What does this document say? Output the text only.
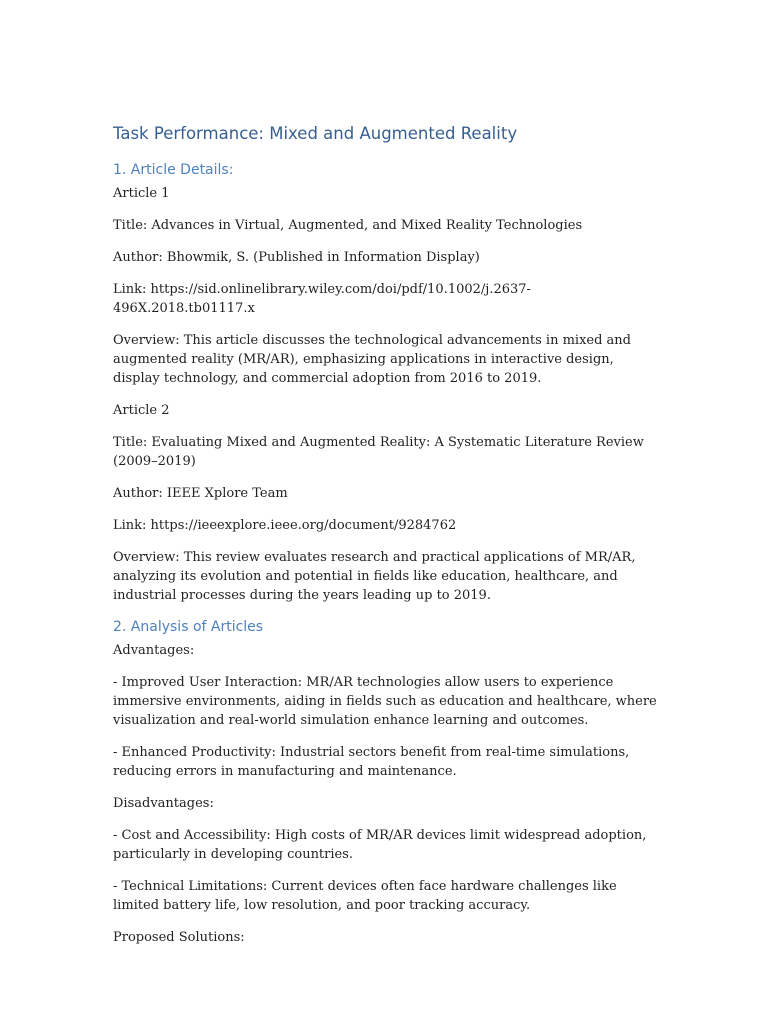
Task Performance: Mixed and Augmented Reality
1. Article Details:
Article 1
Title: Advances in Virtual, Augmented, and Mixed Reality Technologies
Author: Bhowmik, S. (Published in Information Display)
Link: https://sid.onlinelibrary.wiley.com/doi/pdf/10.1002/j.2637-496X.2018.tb01117.x
Overview: This article discusses the technological advancements in mixed and augmented reality (MR/AR), emphasizing applications in interactive design, display technology, and commercial adoption from 2016 to 2019.
Article 2
Title: Evaluating Mixed and Augmented Reality: A Systematic Literature Review (2009–2019)
Author: IEEE Xplore Team
Link: https://ieeexplore.ieee.org/document/9284762
Overview: This review evaluates research and practical applications of MR/AR, analyzing its evolution and potential in fields like education, healthcare, and industrial processes during the years leading up to 2019.
2. Analysis of Articles
Advantages:
- Improved User Interaction: MR/AR technologies allow users to experience immersive environments, aiding in fields such as education and healthcare, where visualization and real-world simulation enhance learning and outcomes.
- Enhanced Productivity: Industrial sectors benefit from real-time simulations, reducing errors in manufacturing and maintenance.
Disadvantages:
- Cost and Accessibility: High costs of MR/AR devices limit widespread adoption, particularly in developing countries.
- Technical Limitations: Current devices often face hardware challenges like limited battery life, low resolution, and poor tracking accuracy.
Proposed Solutions:
